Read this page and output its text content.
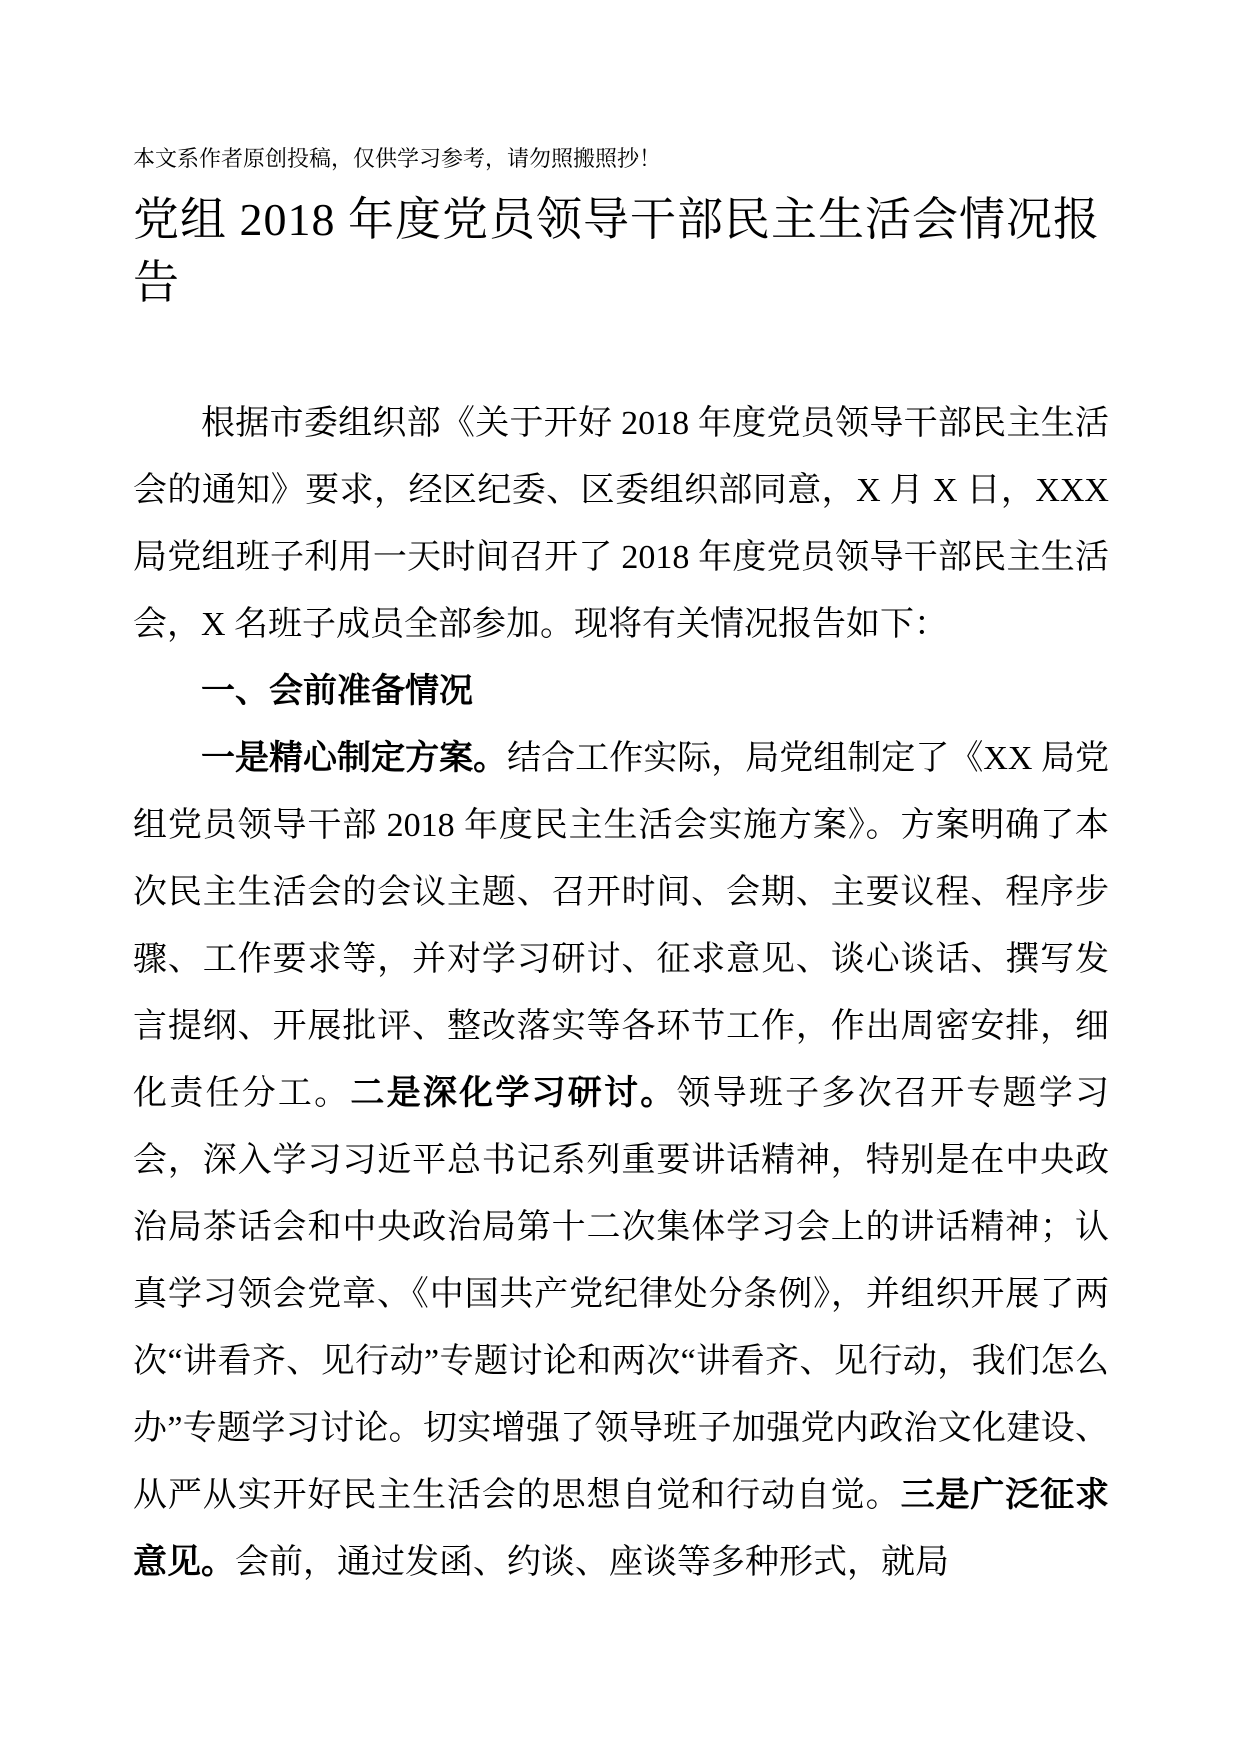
本文系作者原创投稿，仅供学习参考，请勿照搬照抄！

党组 2018 年度党员领导干部民主生活会情况报告

根据市委组织部《关于开好 2018 年度党员领导干部民主生活会的通知》要求，经区纪委、区委组织部同意，X 月 X 日，XXX 局党组班子利用一天时间召开了 2018 年度党员领导干部民主生活会，X 名班子成员全部参加。现将有关情况报告如下：

一、会前准备情况

一是精心制定方案。结合工作实际，局党组制定了《XX 局党组党员领导干部 2018 年度民主生活会实施方案》。方案明确了本次民主生活会的会议主题、召开时间、会期、主要议程、程序步骤、工作要求等，并对学习研讨、征求意见、谈心谈话、撰写发言提纲、开展批评、整改落实等各环节工作，作出周密安排，细化责任分工。二是深化学习研讨。领导班子多次召开专题学习会，深入学习习近平总书记系列重要讲话精神，特别是在中央政治局茶话会和中央政治局第十二次集体学习会上的讲话精神；认真学习领会党章、《中国共产党纪律处分条例》，并组织开展了两次“讲看齐、见行动”专题讨论和两次“讲看齐、见行动，我们怎么办”专题学习讨论。切实增强了领导班子加强党内政治文化建设、从严从实开好民主生活会的思想自觉和行动自觉。三是广泛征求意见。会前，通过发函、约谈、座谈等多种形式，就局
